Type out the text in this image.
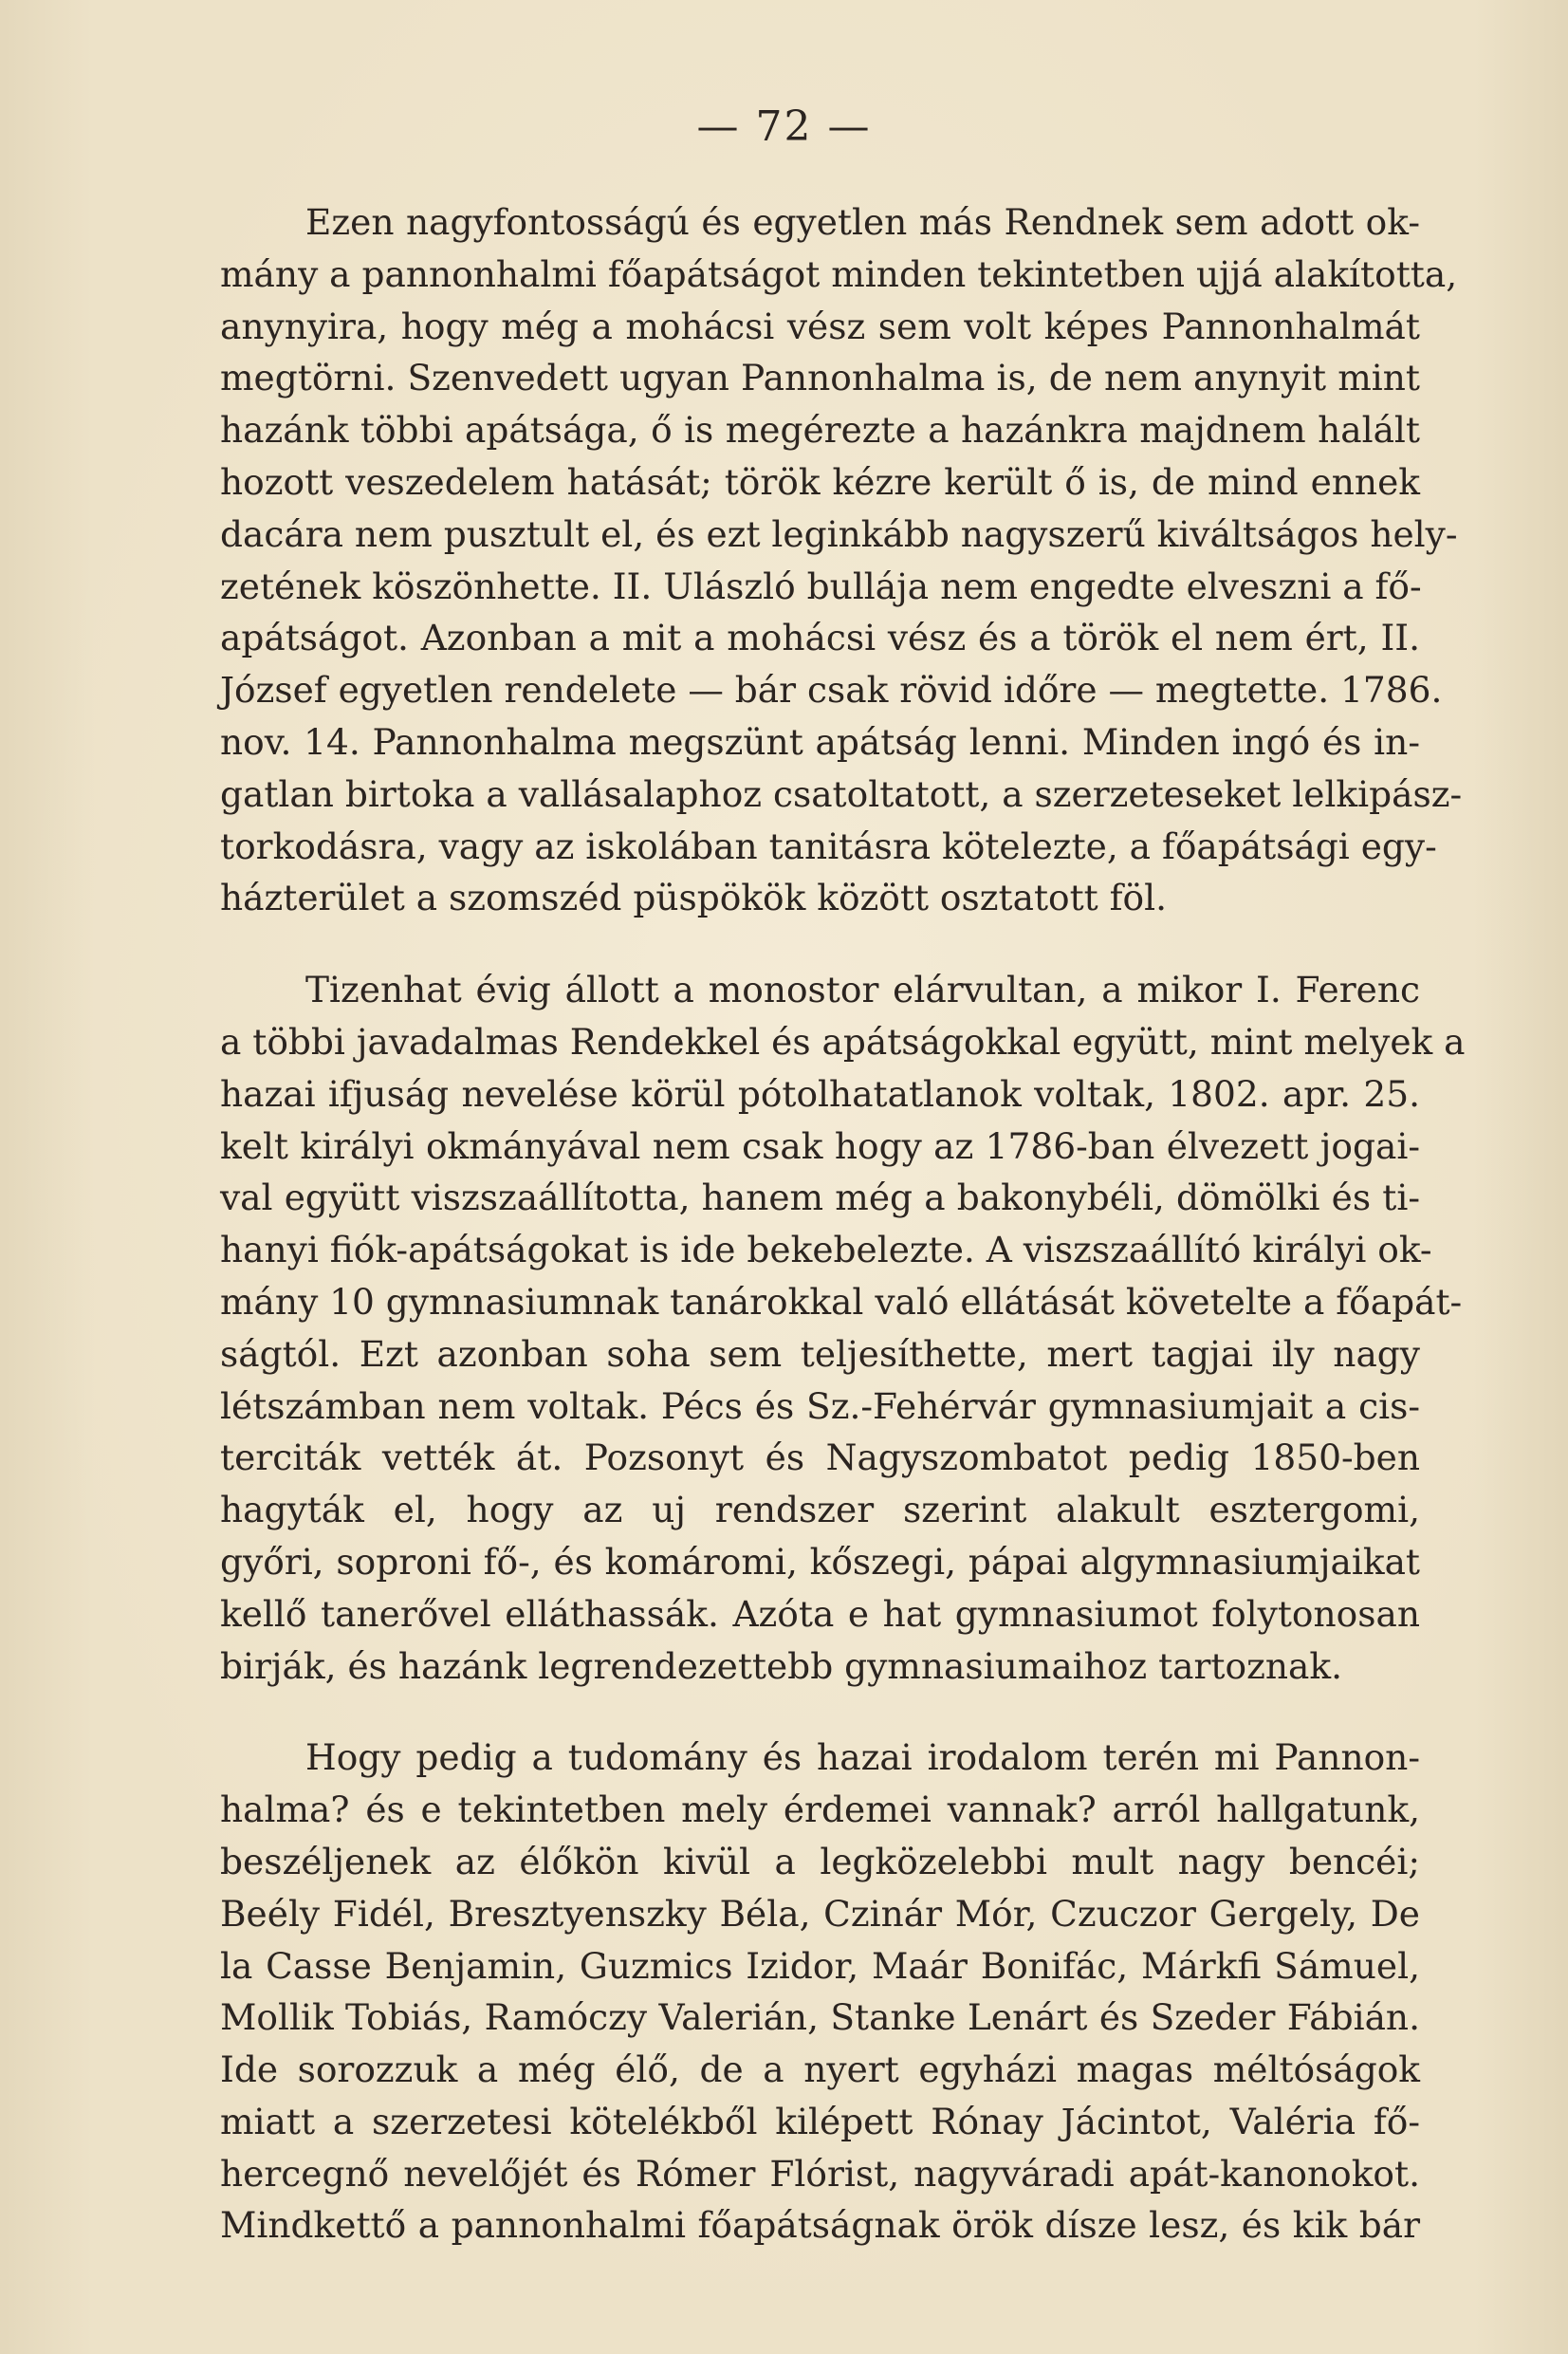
— 72 —

Ezen nagyfontosságú és egyetlen más Rendnek sem adott ok-
mány a pannonhalmi főapátságot minden tekintetben ujjá alakította,
anynyira, hogy még a mohácsi vész sem volt képes Pannonhalmát
megtörni. Szenvedett ugyan Pannonhalma is, de nem anynyit mint
hazánk többi apátsága, ő is megérezte a hazánkra majdnem halált
hozott veszedelem hatását; török kézre került ő is, de mind ennek
dacára nem pusztult el, és ezt leginkább nagyszerű kiváltságos hely-
zetének köszönhette. II. Ulászló bullája nem engedte elveszni a fő-
apátságot. Azonban a mit a mohácsi vész és a török el nem ért, II.
József egyetlen rendelete — bár csak rövid időre — megtette. 1786.
nov. 14. Pannonhalma megszünt apátság lenni. Minden ingó és in-
gatlan birtoka a vallásalaphoz csatoltatott, a szerzeteseket lelkipász-
torkodásra, vagy az iskolában tanitásra kötelezte, a főapátsági egy-
házterület a szomszéd püspökök között osztatott föl.

Tizenhat évig állott a monostor elárvultan, a mikor I. Ferenc
a többi javadalmas Rendekkel és apátságokkal együtt, mint melyek a
hazai ifjuság nevelése körül pótolhatatlanok voltak, 1802. apr. 25.
kelt királyi okmányával nem csak hogy az 1786-ban élvezett jogai-
val együtt viszszaállította, hanem még a bakonybéli, dömölki és ti-
hanyi fiók-apátságokat is ide bekebelezte. A viszszaállító királyi ok-
mány 10 gymnasiumnak tanárokkal való ellátását követelte a főapát-
ságtól. Ezt azonban soha sem teljesíthette, mert tagjai ily nagy
létszámban nem voltak. Pécs és Sz.-Fehérvár gymnasiumjait a cis-
terciták vették át. Pozsonyt és Nagyszombatot pedig 1850-ben
hagyták el, hogy az uj rendszer szerint alakult esztergomi,
győri, soproni fő-, és komáromi, kőszegi, pápai algymnasiumjaikat
kellő tanerővel elláthassák. Azóta e hat gymnasiumot folytonosan
birják, és hazánk legrendezettebb gymnasiumaihoz tartoznak.

Hogy pedig a tudomány és hazai irodalom terén mi Pannon-
halma? és e tekintetben mely érdemei vannak? arról hallgatunk,
beszéljenek az élőkön kivül a legközelebbi mult nagy bencéi;
Beély Fidél, Bresztyenszky Béla, Czinár Mór, Czuczor Gergely, De
la Casse Benjamin, Guzmics Izidor, Maár Bonifác, Márkfi Sámuel,
Mollik Tobiás, Ramóczy Valerián, Stanke Lenárt és Szeder Fábián.
Ide sorozzuk a még élő, de a nyert egyházi magas méltóságok
miatt a szerzetesi kötelékből kilépett Rónay Jácintot, Valéria fő-
hercegnő nevelőjét és Rómer Flórist, nagyváradi apát-kanonokot.
Mindkettő a pannonhalmi főapátságnak örök dísze lesz, és kik bár
